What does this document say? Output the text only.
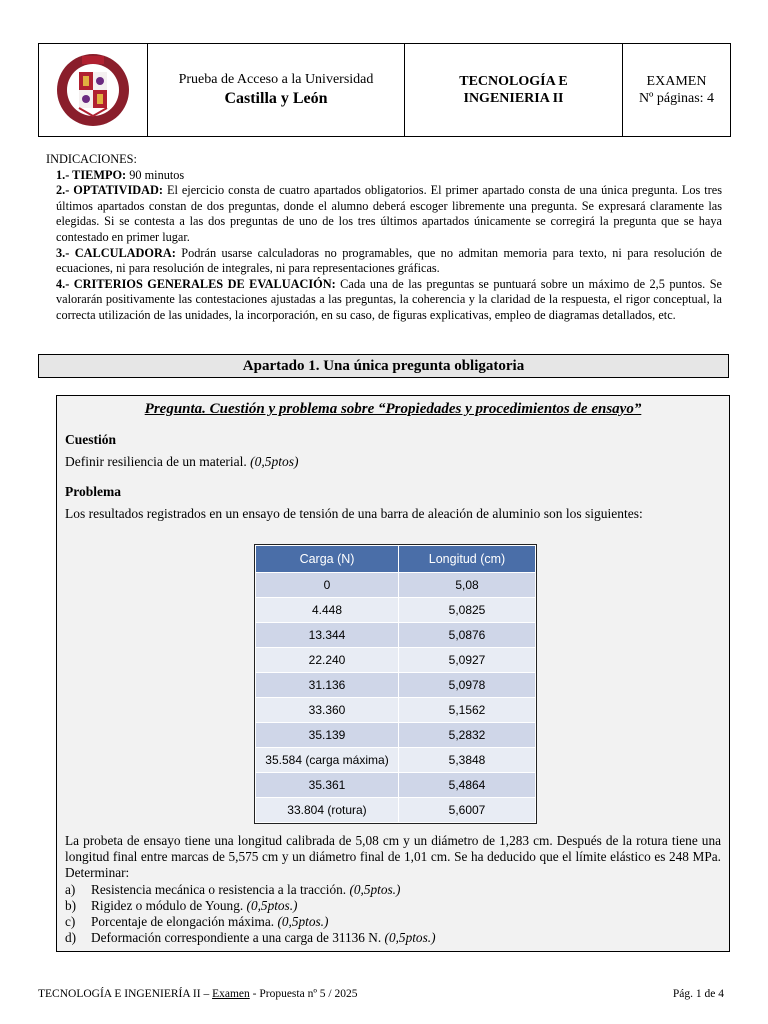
Prueba de Acceso a la Universidad
Castilla y León
TECNOLOGÍA E
INGENIERIA II
EXAMEN
Nº páginas: 4

INDICACIONES:

1.- TIEMPO: 90 minutos

2.- OPTATIVIDAD: El ejercicio consta de cuatro apartados obligatorios. El primer apartado consta de una única pregunta. Los tres últimos apartados constan de dos preguntas, donde el alumno deberá escoger libremente una pregunta. Se expresará claramente las elegidas. Si se contesta a las dos preguntas de uno de los tres últimos apartados únicamente se corregirá la pregunta que se haya contestado en primer lugar.

3.- CALCULADORA: Podrán usarse calculadoras no programables, que no admitan memoria para texto, ni para resolución de ecuaciones, ni para resolución de integrales, ni para representaciones gráficas.

4.- CRITERIOS GENERALES DE EVALUACIÓN: Cada una de las preguntas se puntuará sobre un máximo de 2,5 puntos. Se valorarán positivamente las contestaciones ajustadas a las preguntas, la coherencia y la claridad de la respuesta, el rigor conceptual, la correcta utilización de las unidades, la incorporación, en su caso, de figuras explicativas, empleo de diagramas detallados, etc.

Apartado 1. Una única pregunta obligatoria
Pregunta. Cuestión y problema sobre “Propiedades y procedimientos de ensayo”
Cuestión
Definir resiliencia de un material. (0,5ptos)
Problema
Los resultados registrados en un ensayo de tensión de una barra de aleación de aluminio son los siguientes:
Carga (N)	Longitud (cm)
0	5,08
4.448	5,0825
13.344	5,0876
22.240	5,0927
31.136	5,0978
33.360	5,1562
35.139	5,2832
35.584 (carga máxima)	5,3848
35.361	5,4864
33.804 (rotura)	5,6007

La probeta de ensayo tiene una longitud calibrada de 5,08 cm y un diámetro de 1,283 cm. Después de la rotura tiene una longitud final entre marcas de 5,575 cm y un diámetro final de 1,01 cm. Se ha deducido que el límite elástico es 248 MPa. Determinar:

a)	Resistencia mecánica o resistencia a la tracción. (0,5ptos.)
b)	Rigidez o módulo de Young. (0,5ptos.)
c)	Porcentaje de elongación máxima. (0,5ptos.)
d)	Deformación correspondiente a una carga de 31136 N. (0,5ptos.)
TECNOLOGÍA E INGENIERÍA II – Examen - Propuesta nº 5 / 2025	Pág. 1 de 4
